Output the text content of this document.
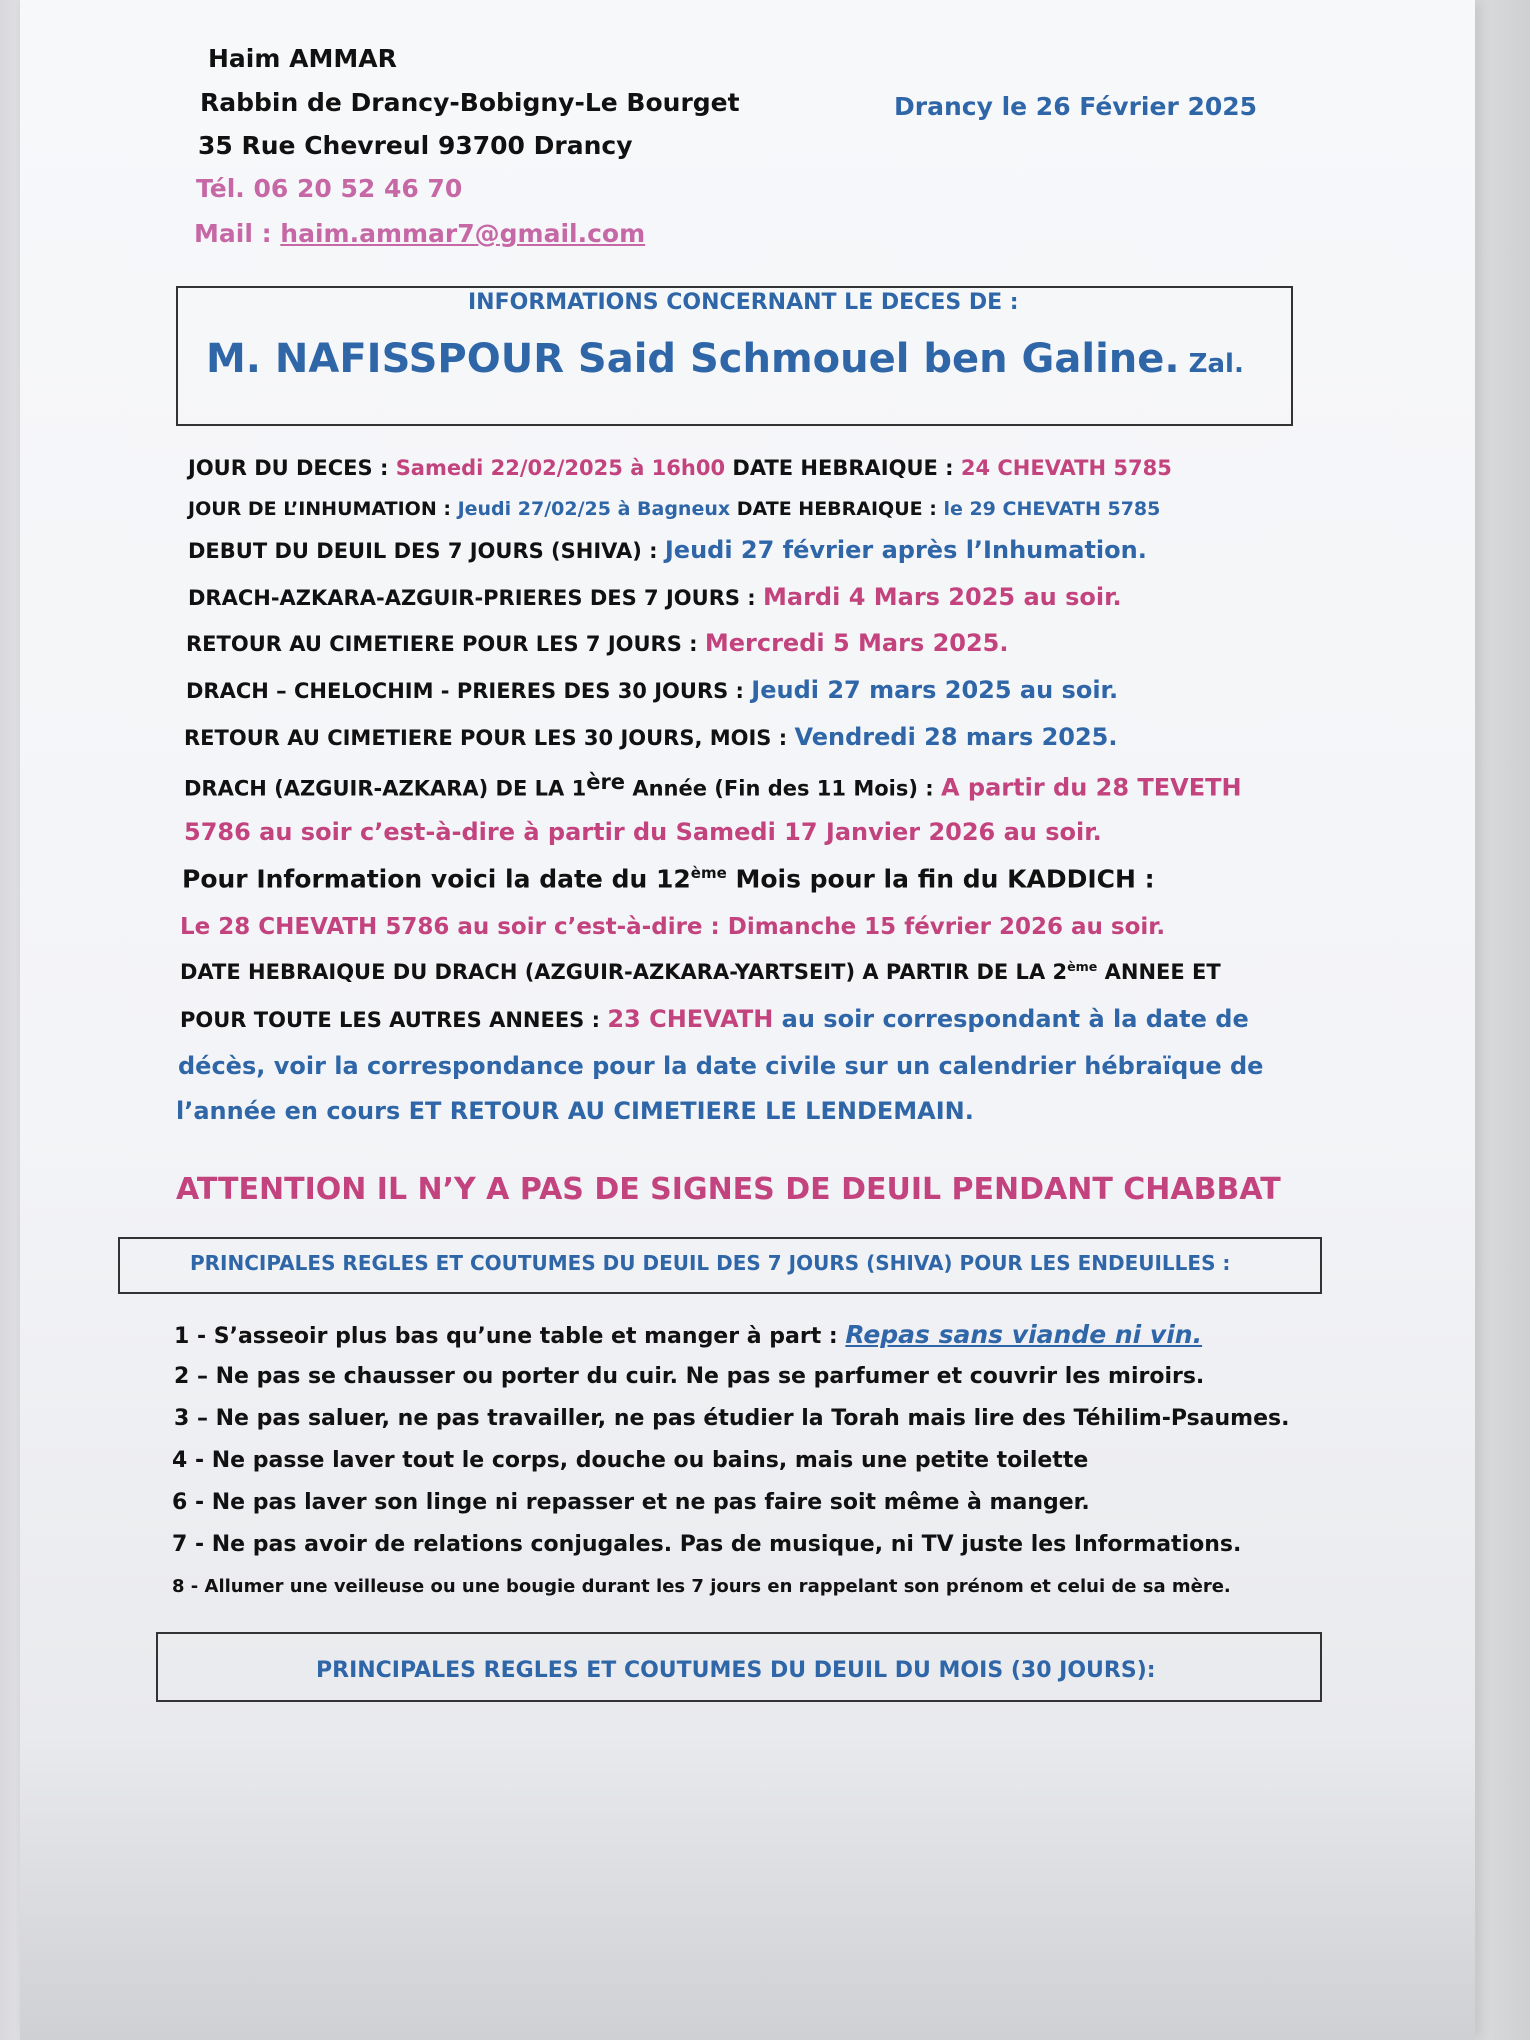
Haim AMMAR
Rabbin de Drancy-Bobigny-Le Bourget
35 Rue Chevreul 93700 Drancy
Tél. 06 20 52 46 70
Mail : haim.ammar7@gmail.com
Drancy le 26 Février 2025
INFORMATIONS CONCERNANT LE DECES DE :
M. NAFISSPOUR Said Schmouel ben Galine. Zal.
JOUR DU DECES : Samedi 22/02/2025 à 16h00 DATE HEBRAIQUE : 24 CHEVATH 5785
JOUR DE L’INHUMATION : Jeudi 27/02/25 à Bagneux DATE HEBRAIQUE : le 29 CHEVATH 5785
DEBUT DU DEUIL DES 7 JOURS (SHIVA) : Jeudi 27 février après l’Inhumation.
DRACH-AZKARA-AZGUIR-PRIERES DES 7 JOURS : Mardi 4 Mars 2025 au soir.
RETOUR AU CIMETIERE POUR LES 7 JOURS : Mercredi 5 Mars 2025.
DRACH – CHELOCHIM - PRIERES DES 30 JOURS : Jeudi 27 mars 2025 au soir.
RETOUR AU CIMETIERE POUR LES 30 JOURS, MOIS : Vendredi 28 mars 2025.
DRACH (AZGUIR-AZKARA) DE LA 1ère Année (Fin des 11 Mois) : A partir du 28 TEVETH
5786 au soir c’est-à-dire à partir du Samedi 17 Janvier 2026 au soir.
Pour Information voici la date du 12ème Mois pour la fin du KADDICH :
Le 28 CHEVATH 5786 au soir c’est-à-dire : Dimanche 15 février 2026 au soir.
DATE HEBRAIQUE DU DRACH (AZGUIR-AZKARA-YARTSEIT) A PARTIR DE LA 2ème ANNEE ET
POUR TOUTE LES AUTRES ANNEES : 23 CHEVATH au soir correspondant à la date de
décès, voir la correspondance pour la date civile sur un calendrier hébraïque de
l’année en cours ET RETOUR AU CIMETIERE LE LENDEMAIN.
ATTENTION IL N’Y A PAS DE SIGNES DE DEUIL PENDANT CHABBAT
PRINCIPALES REGLES ET COUTUMES DU DEUIL DES 7 JOURS (SHIVA) POUR LES ENDEUILLES :
1 - S’asseoir plus bas qu’une table et manger à part : Repas sans viande ni vin.
2 – Ne pas se chausser ou porter du cuir. Ne pas se parfumer et couvrir les miroirs.
3 – Ne pas saluer, ne pas travailler, ne pas étudier la Torah mais lire des Téhilim-Psaumes.
4 - Ne passe laver tout le corps, douche ou bains, mais une petite toilette
6 - Ne pas laver son linge ni repasser et ne pas faire soit même à manger.
7 - Ne pas avoir de relations conjugales. Pas de musique, ni TV juste les Informations.
8 - Allumer une veilleuse ou une bougie durant les 7 jours en rappelant son prénom et celui de sa mère.
PRINCIPALES REGLES ET COUTUMES DU DEUIL DU MOIS (30 JOURS):
